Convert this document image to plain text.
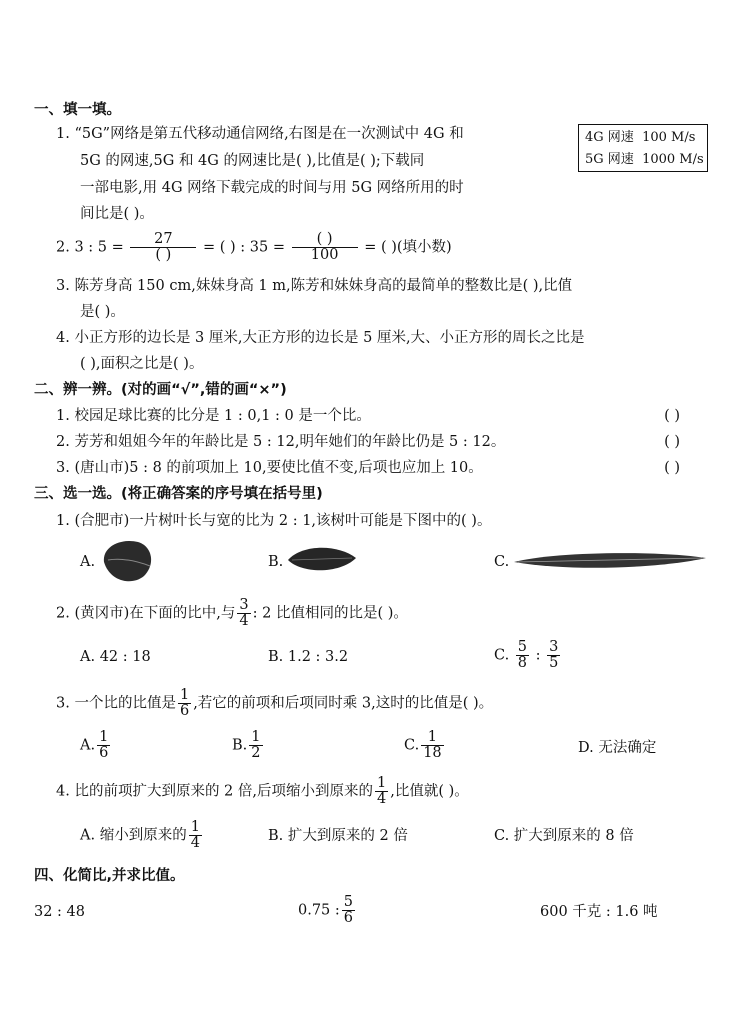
一、填一填。
1. “5G”网络是第五代移动通信网络,右图是在一次测试中 4G 和
5G 的网速,5G 和 4G 的网速比是( ),比值是( );下载同
一部电影,用 4G 网络下载完成的时间与用 5G 网络所用的时
间比是( )。
4G 网速 100 M/s
5G 网速 1000 M/s
2. 3 : $5 = \frac{27}{( )}$ = ( ) : $35 = \frac{( )}{100}$ = ( )(填小数)
3. 陈芳身高 150 cm,妹妹身高 1 m,陈芳和妹妹身高的最简单的整数比是( ),比值
是( )。
4. 小正方形的边长是 3 厘米,大正方形的边长是 5 厘米,大、小正方形的周长之比是
( ),面积之比是( )。
二、辨一辨。(对的画“√”,错的画“×”)
1. 校园足球比赛的比分是 1 : 0,1 : 0 是一个比。	( )
2. 芳芳和姐姐今年的年龄比是 5 : 12,明年她们的年龄比仍是 5 : 12。	( )
3. (唐山市)5 : 8 的前项加上 10,要使比值不变,后项也应加上 10。	( )
三、选一选。(将正确答案的序号填在括号里)
1. (合肥市)一片树叶长与宽的比为 2 : 1,该树叶可能是下图中的( )。
A.	B.	C.
2. (黄冈市)在下面的比中,与 $\frac{3}{4}$ : 2 比值相同的比是( )。
A. 42 : 18	B. 1.2 : 3.2	C. $\frac{5}{8}$ : $\frac{3}{5}$
3. 一个比的比值是 $\frac{1}{6}$ ,若它的前项和后项同时乘 3,这时的比值是( )。
A. $\frac{1}{6}$	B. $\frac{1}{2}$	C. $\frac{1}{18}$	D. 无法确定
4. 比的前项扩大到原来的 2 倍,后项缩小到原来的 $\frac{1}{4}$ ,比值就( )。
A. 缩小到原来的 $\frac{1}{4}$	B. 扩大到原来的 2 倍	C. 扩大到原来的 8 倍
四、化简比,并求比值。
32 : 48	0.75 : $\frac{5}{6}$	600 千克 : 1.6 吨
